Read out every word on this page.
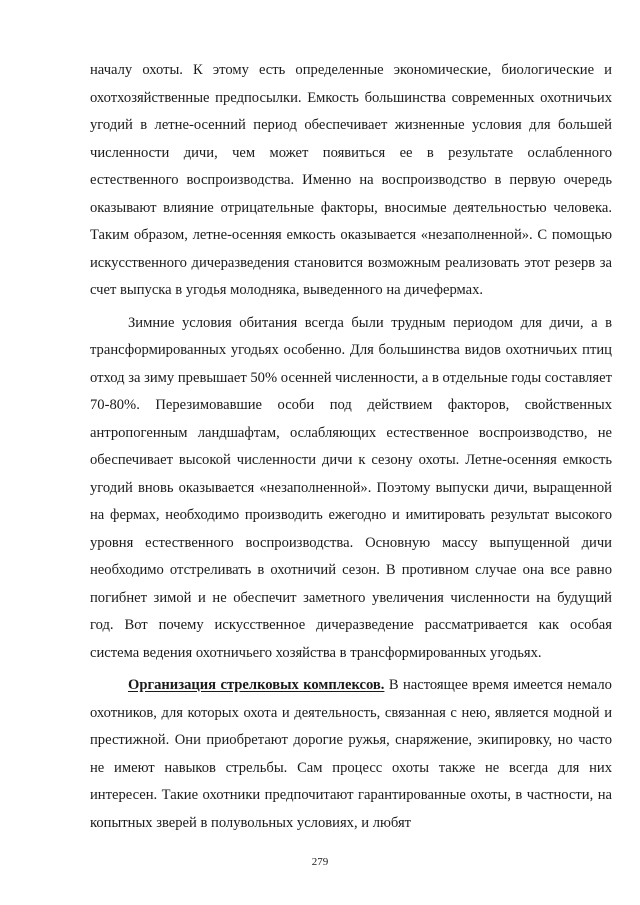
началу охоты. К этому есть определенные экономические, биологические и охотхозяйственные предпосылки. Емкость большинства современных охотничьих угодий в летне-осенний период обеспечивает жизненные условия для большей численности дичи, чем может появиться ее в результате ослабленного естественного воспроизводства. Именно на воспроизводство в первую очередь оказывают влияние отрицательные факторы, вносимые деятельностью человека. Таким образом, летне-осенняя емкость оказывается «незаполненной». С помощью искусственного дичеразведения становится возможным реализовать этот резерв за счет выпуска в угодья молодняка, выведенного на дичефермах.

Зимние условия обитания всегда были трудным периодом для дичи, а в трансформированных угодьях особенно. Для большинства видов охотничьих птиц отход за зиму превышает 50% осенней численности, а в отдельные годы составляет 70-80%. Перезимовавшие особи под действием факторов, свойственных антропогенным ландшафтам, ослабляющих естественное воспроизводство, не обеспечивает высокой численности дичи к сезону охоты. Летне-осенняя емкость угодий вновь оказывается «незаполненной». Поэтому выпуски дичи, выращенной на фермах, необходимо производить ежегодно и имитировать результат высокого уровня естественного воспроизводства. Основную массу выпущенной дичи необходимо отстреливать в охотничий сезон. В противном случае она все равно погибнет зимой и не обеспечит заметного увеличения численности на будущий год. Вот почему искусственное дичеразведение рассматривается как особая система ведения охотничьего хозяйства в трансформированных угодьях.

Организация стрелковых комплексов. В настоящее время имеется немало охотников, для которых охота и деятельность, связанная с нею, является модной и престижной. Они приобретают дорогие ружья, снаряжение, экипировку, но часто не имеют навыков стрельбы. Сам процесс охоты также не всегда для них интересен. Такие охотники предпочитают гарантированные охоты, в частности, на копытных зверей в полувольных условиях, и любят

279
